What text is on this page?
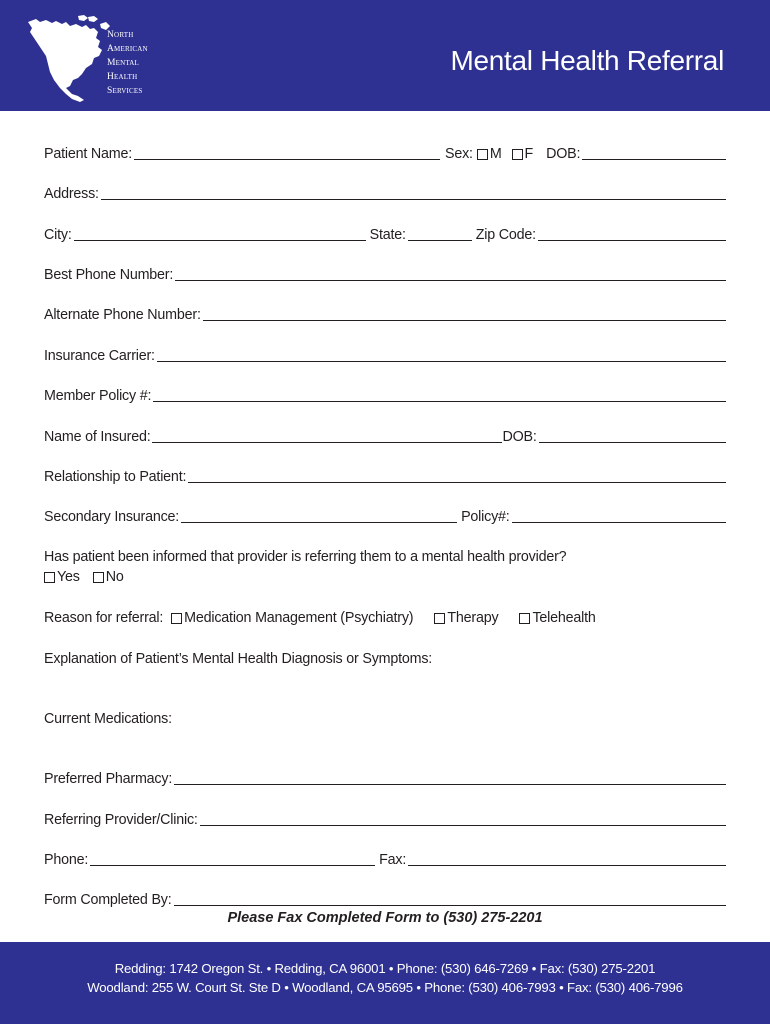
North
American
Mental
Health
Services
Mental Health Referral
Patient Name:	Sex: M F DOB:
Address:
City:	State:	Zip Code:
Best Phone Number:
Alternate Phone Number:
Insurance Carrier:
Member Policy #:
Name of Insured:	DOB:
Relationship to Patient:
Secondary Insurance:	Policy#:
Has patient been informed that provider is referring them to a mental health provider?
Yes No
Reason for referral: Medication Management (Psychiatry) Therapy Telehealth
Explanation of Patient’s Mental Health Diagnosis or Symptoms:
Current Medications:
Preferred Pharmacy:
Referring Provider/Clinic:
Phone:	Fax:
Form Completed By:
Please Fax Completed Form to (530) 275-2201
Redding: 1742 Oregon St. • Redding, CA 96001 • Phone: (530) 646-7269 • Fax: (530) 275-2201
Woodland: 255 W. Court St. Ste D • Woodland, CA 95695 • Phone: (530) 406-7993 • Fax: (530) 406-7996
